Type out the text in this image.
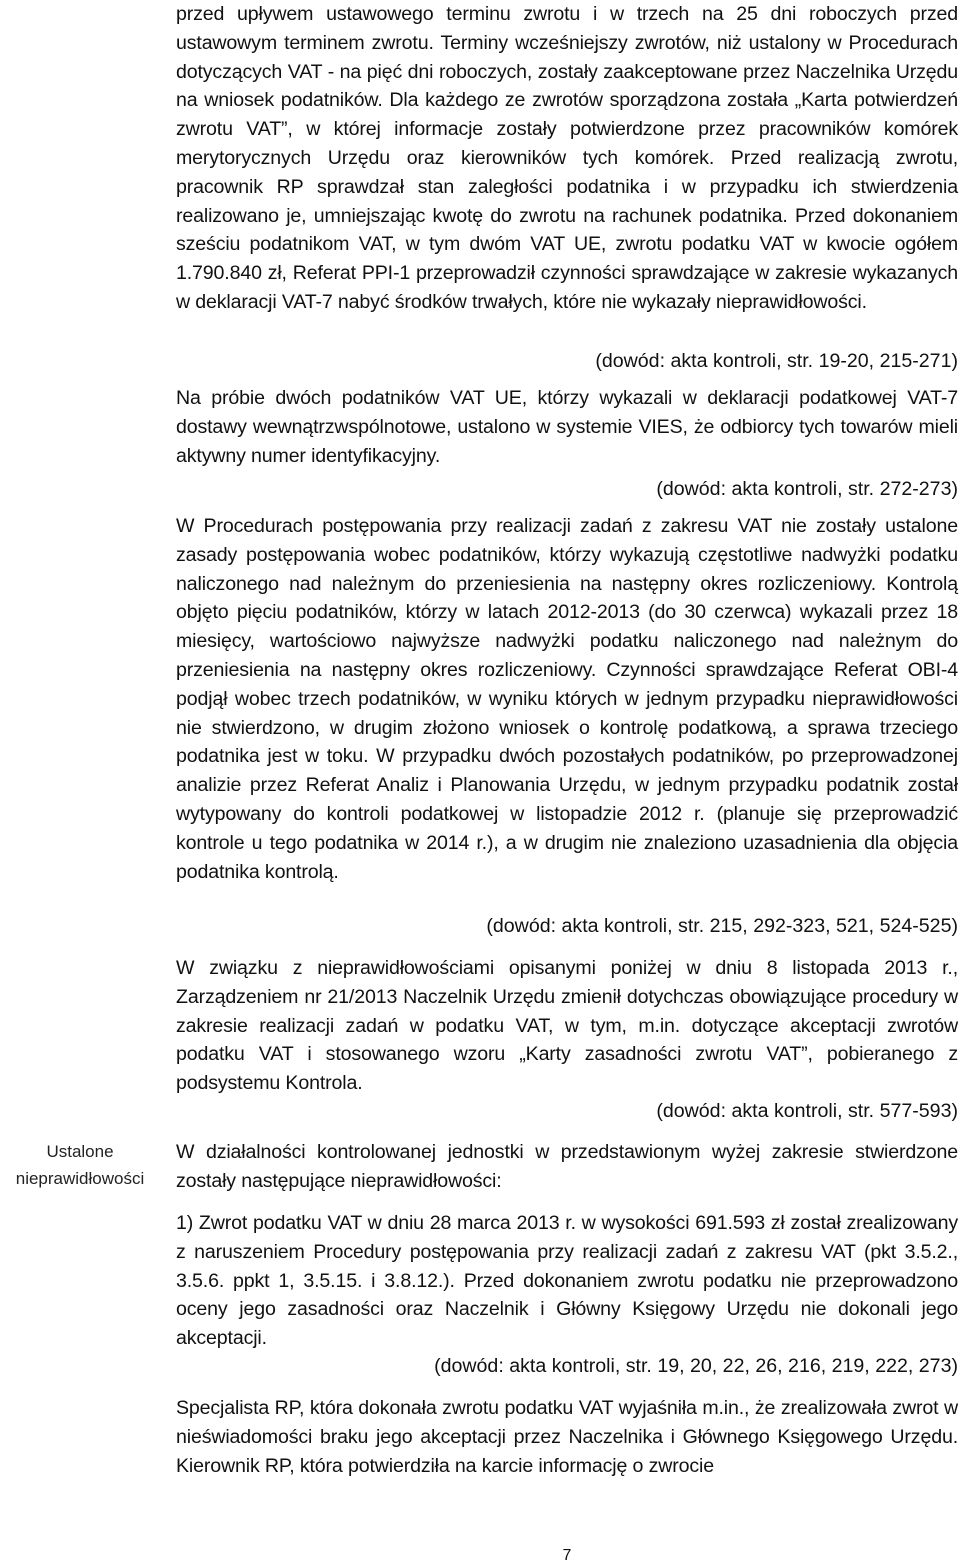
Ustalone
nieprawidłowości

przed upływem ustawowego terminu zwrotu i w trzech na 25 dni roboczych przed ustawowym terminem zwrotu. Terminy wcześniejszy zwrotów, niż ustalony w Procedurach dotyczących VAT - na pięć dni roboczych, zostały zaakceptowane przez Naczelnika Urzędu na wniosek podatników. Dla każdego ze zwrotów sporządzona została „Karta potwierdzeń zwrotu VAT”, w której informacje zostały potwierdzone przez pracowników komórek merytorycznych Urzędu oraz kierowników tych komórek. Przed realizacją zwrotu, pracownik RP sprawdzał stan zaległości podatnika i w przypadku ich stwierdzenia realizowano je, umniejszając kwotę do zwrotu na rachunek podatnika. Przed dokonaniem sześciu podatnikom VAT, w tym dwóm VAT UE, zwrotu podatku VAT w kwocie ogółem 1.790.840 zł, Referat PPI-1 przeprowadził czynności sprawdzające w zakresie wykazanych w deklaracji VAT-7 nabyć środków trwałych, które nie wykazały nieprawidłowości.

(dowód: akta kontroli, str. 19-20, 215-271)

Na próbie dwóch podatników VAT UE, którzy wykazali w deklaracji podatkowej VAT-7 dostawy wewnątrzwspólnotowe, ustalono w systemie VIES, że odbiorcy tych towarów mieli aktywny numer identyfikacyjny.

(dowód: akta kontroli, str. 272-273)

W Procedurach postępowania przy realizacji zadań z zakresu VAT nie zostały ustalone zasady postępowania wobec podatników, którzy wykazują częstotliwe nadwyżki podatku naliczonego nad należnym do przeniesienia na następny okres rozliczeniowy. Kontrolą objęto pięciu podatników, którzy w latach 2012-2013 (do 30 czerwca) wykazali przez 18 miesięcy, wartościowo najwyższe nadwyżki podatku naliczonego nad należnym do przeniesienia na następny okres rozliczeniowy. Czynności sprawdzające Referat OBI-4 podjął wobec trzech podatników, w wyniku których w jednym przypadku nieprawidłowości nie stwierdzono, w drugim złożono wniosek o kontrolę podatkową, a sprawa trzeciego podatnika jest w toku. W przypadku dwóch pozostałych podatników, po przeprowadzonej analizie przez Referat Analiz i Planowania Urzędu, w jednym przypadku podatnik został wytypowany do kontroli podatkowej w listopadzie 2012 r. (planuje się przeprowadzić kontrole u tego podatnika w 2014 r.), a w drugim nie znaleziono uzasadnienia dla objęcia podatnika kontrolą.

(dowód: akta kontroli, str. 215, 292-323, 521, 524-525)

W związku z nieprawidłowościami opisanymi poniżej w dniu 8 listopada 2013 r., Zarządzeniem nr 21/2013 Naczelnik Urzędu zmienił dotychczas obowiązujące procedury w zakresie realizacji zadań w podatku VAT, w tym, m.in. dotyczące akceptacji zwrotów podatku VAT i stosowanego wzoru „Karty zasadności zwrotu VAT”, pobieranego z podsystemu Kontrola.

(dowód: akta kontroli, str. 577-593)

W działalności kontrolowanej jednostki w przedstawionym wyżej zakresie stwierdzone zostały następujące nieprawidłowości:

1) Zwrot podatku VAT w dniu 28 marca 2013 r. w wysokości 691.593 zł został zrealizowany z naruszeniem Procedury postępowania przy realizacji zadań z zakresu VAT (pkt 3.5.2., 3.5.6. ppkt 1, 3.5.15. i 3.8.12.). Przed dokonaniem zwrotu podatku nie przeprowadzono oceny jego zasadności oraz Naczelnik i Główny Księgowy Urzędu nie dokonali jego akceptacji.

(dowód: akta kontroli, str. 19, 20, 22, 26, 216, 219, 222, 273)

Specjalista RP, która dokonała zwrotu podatku VAT wyjaśniła m.in., że zrealizowała zwrot w nieświadomości braku jego akceptacji przez Naczelnika i Głównego Księgowego Urzędu. Kierownik RP, która potwierdziła na karcie informację o zwrocie

7
